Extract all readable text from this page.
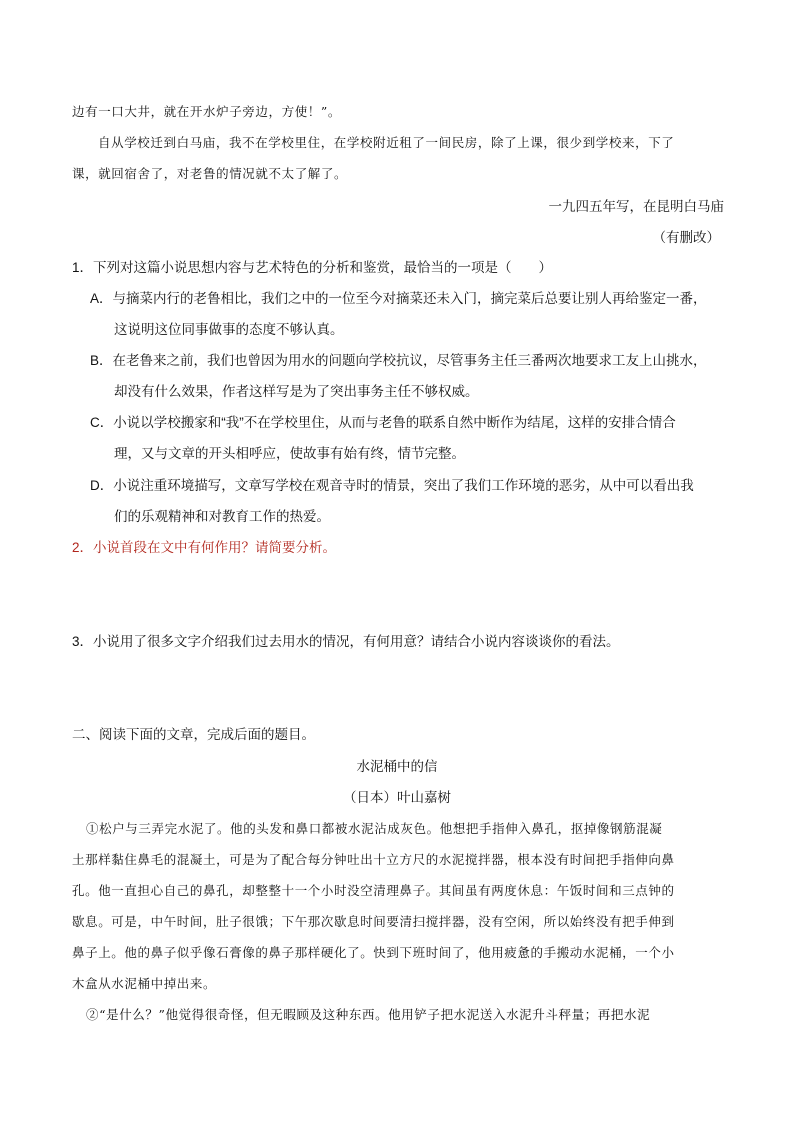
边有一口大井，就在开水炉子旁边，方使！”。
自从学校迁到白马庙，我不在学校里住，在学校附近租了一间民房，除了上课，很少到学校来，下了
课，就回宿舍了，对老鲁的情况就不太了解了。
一九四五年写，在昆明白马庙
（有删改）
1．下列对这篇小说思想内容与艺术特色的分析和鉴赏，最恰当的一项是（　　）
A．与摘菜内行的老鲁相比，我们之中的一位至今对摘菜还未入门，摘完菜后总要让别人再给鉴定一番，
这说明这位同事做事的态度不够认真。
B．在老鲁来之前，我们也曾因为用水的问题向学校抗议，尽管事务主任三番两次地要求工友上山挑水，
却没有什么效果，作者这样写是为了突出事务主任不够权威。
C．小说以学校搬家和“我”不在学校里住，从而与老鲁的联系自然中断作为结尾，这样的安排合情合
理，又与文章的开头相呼应，使故事有始有终，情节完整。
D．小说注重环境描写，文章写学校在观音寺时的情景，突出了我们工作环境的恶劣，从中可以看出我
们的乐观精神和对教育工作的热爱。
2．小说首段在文中有何作用？请简要分析。
3．小说用了很多文字介绍我们过去用水的情况，有何用意？请结合小说内容谈谈你的看法。
二、阅读下面的文章，完成后面的题目。
水泥桶中的信
（日本）叶山嘉树
①松户与三弄完水泥了。他的头发和鼻口都被水泥沾成灰色。他想把手指伸入鼻孔，抠掉像钢筋混凝
土那样黏住鼻毛的混凝土，可是为了配合每分钟吐出十立方尺的水泥搅拌器，根本没有时间把手指伸向鼻
孔。他一直担心自己的鼻孔，却整整十一个小时没空清理鼻子。其间虽有两度休息：午饭时间和三点钟的
歇息。可是，中午时间，肚子很饿；下午那次歇息时间要清扫搅拌器，没有空闲，所以始终没有把手伸到
鼻子上。他的鼻子似乎像石膏像的鼻子那样硬化了。快到下班时间了，他用疲惫的手搬动水泥桶，一个小
木盒从水泥桶中掉出来。
②“是什么？”他觉得很奇怪，但无暇顾及这种东西。他用铲子把水泥送入水泥升斗秤量；再把水泥
